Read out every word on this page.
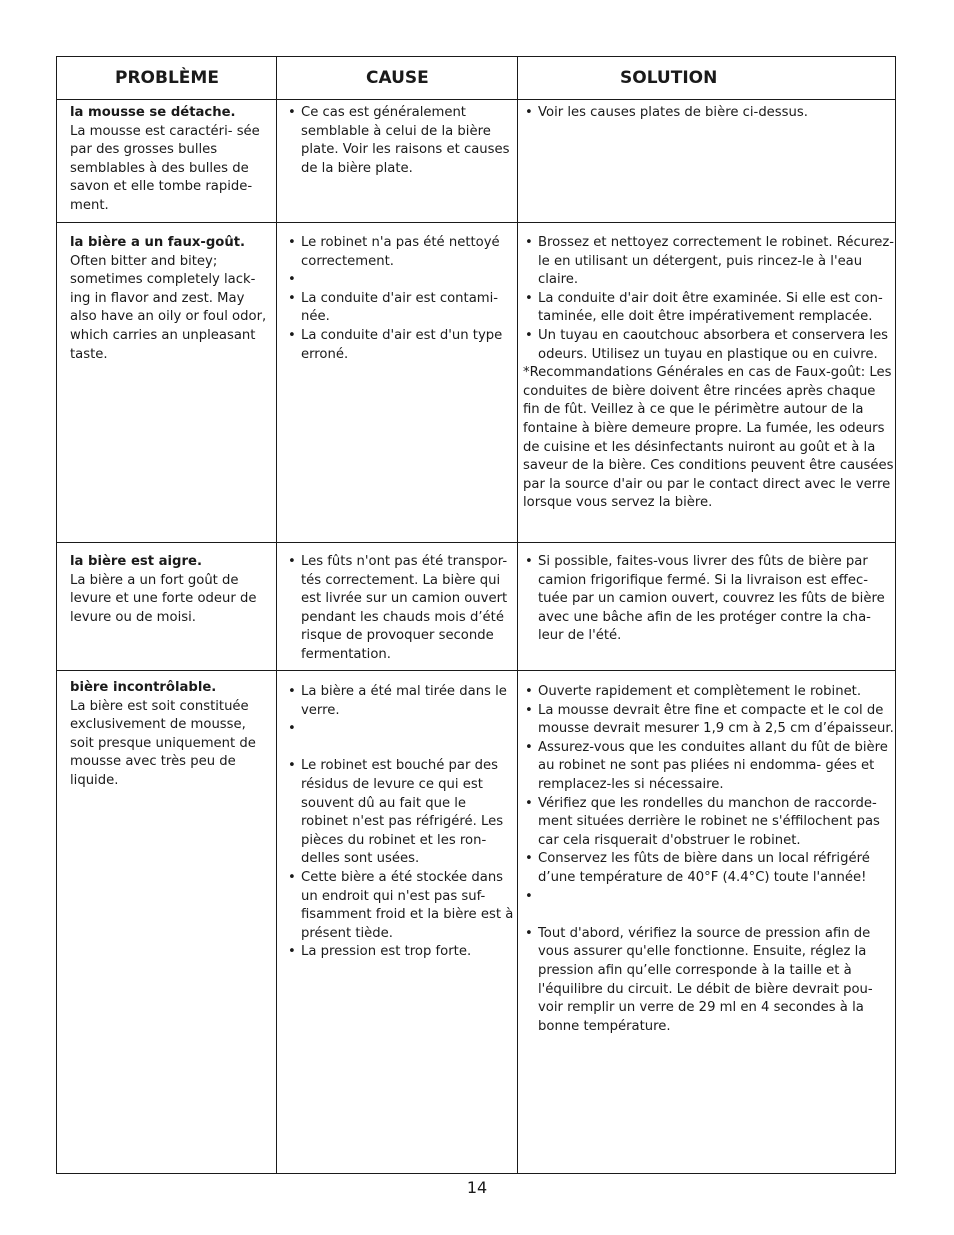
PROBLÈME	CAUSE	SOLUTION
la mousse se détache.
La mousse est caractéri- sée par des grosses bulles semblables à des bulles de savon et elle tombe rapide- ment.
• Ce cas est généralement semblable à celui de la bière plate. Voir les raisons et causes de la bière plate.
• Voir les causes plates de bière ci-dessus.
la bière a un faux-goût.
Often bitter and bitey; sometimes completely lack- ing in flavor and zest. May also have an oily or foul odor, which carries an unpleasant taste.
• Le robinet n'a pas été nettoyé correctement.
•
• La conduite d'air est contami- née.
• La conduite d'air est d'un type erroné.
• Brossez et nettoyez correctement le robinet. Récurez-le en utilisant un détergent, puis rincez-le à l'eau claire.
• La conduite d'air doit être examinée. Si elle est con- taminée, elle doit être impérativement remplacée.
• Un tuyau en caoutchouc absorbera et conservera les odeurs. Utilisez un tuyau en plastique ou en cuivre.
*Recommandations Générales en cas de Faux-goût: Les conduites de bière doivent être rincées après chaque fin de fût. Veillez à ce que le périmètre autour de la fontaine à bière demeure propre. La fumée, les odeurs de cuisine et les désinfectants nuiront au goût et à la saveur de la bière. Ces conditions peuvent être causées par la source d'air ou par le contact direct avec le verre lorsque vous servez la bière.
la bière est aigre.
La bière a un fort goût de levure et une forte odeur de levure ou de moisi.
• Les fûts n'ont pas été transpor- tés correctement. La bière qui est livrée sur un camion ouvert pendant les chauds mois d’été risque de provoquer seconde fermentation.
• Si possible, faites-vous livrer des fûts de bière par camion frigorifique fermé. Si la livraison est effec- tuée par un camion ouvert, couvrez les fûts de bière avec une bâche afin de les protéger contre la cha- leur de l'été.
bière incontrôlable.
La bière est soit constituée exclusivement de mousse, soit presque uniquement de mousse avec très peu de liquide.
• La bière a été mal tirée dans le verre.
•
• Le robinet est bouché par des résidus de levure ce qui est souvent dû au fait que le robinet n'est pas réfrigéré. Les pièces du robinet et les ron- delles sont usées.
• Cette bière a été stockée dans un endroit qui n'est pas suf- fisamment froid et la bière est à présent tiède.
• La pression est trop forte.
• Ouverte rapidement et complètement le robinet.
• La mousse devrait être fine et compacte et le col de mousse devrait mesurer 1,9 cm à 2,5 cm d’épaisseur.
• Assurez-vous que les conduites allant du fût de bière au robinet ne sont pas pliées ni endomma- gées et remplacez-les si nécessaire.
• Vérifiez que les rondelles du manchon de raccorde- ment situées derrière le robinet ne s'éffilochent pas car cela risquerait d'obstruer le robinet.
• Conservez les fûts de bière dans un local réfrigéré d’une température de 40°F (4.4°C) toute l'année!
•
• Tout d'abord, vérifiez la source de pression afin de vous assurer qu'elle fonctionne. Ensuite, réglez la pression afin qu’elle corresponde à la taille et à l'équilibre du circuit. Le débit de bière devrait pou- voir remplir un verre de 29 ml en 4 secondes à la bonne température.
14
